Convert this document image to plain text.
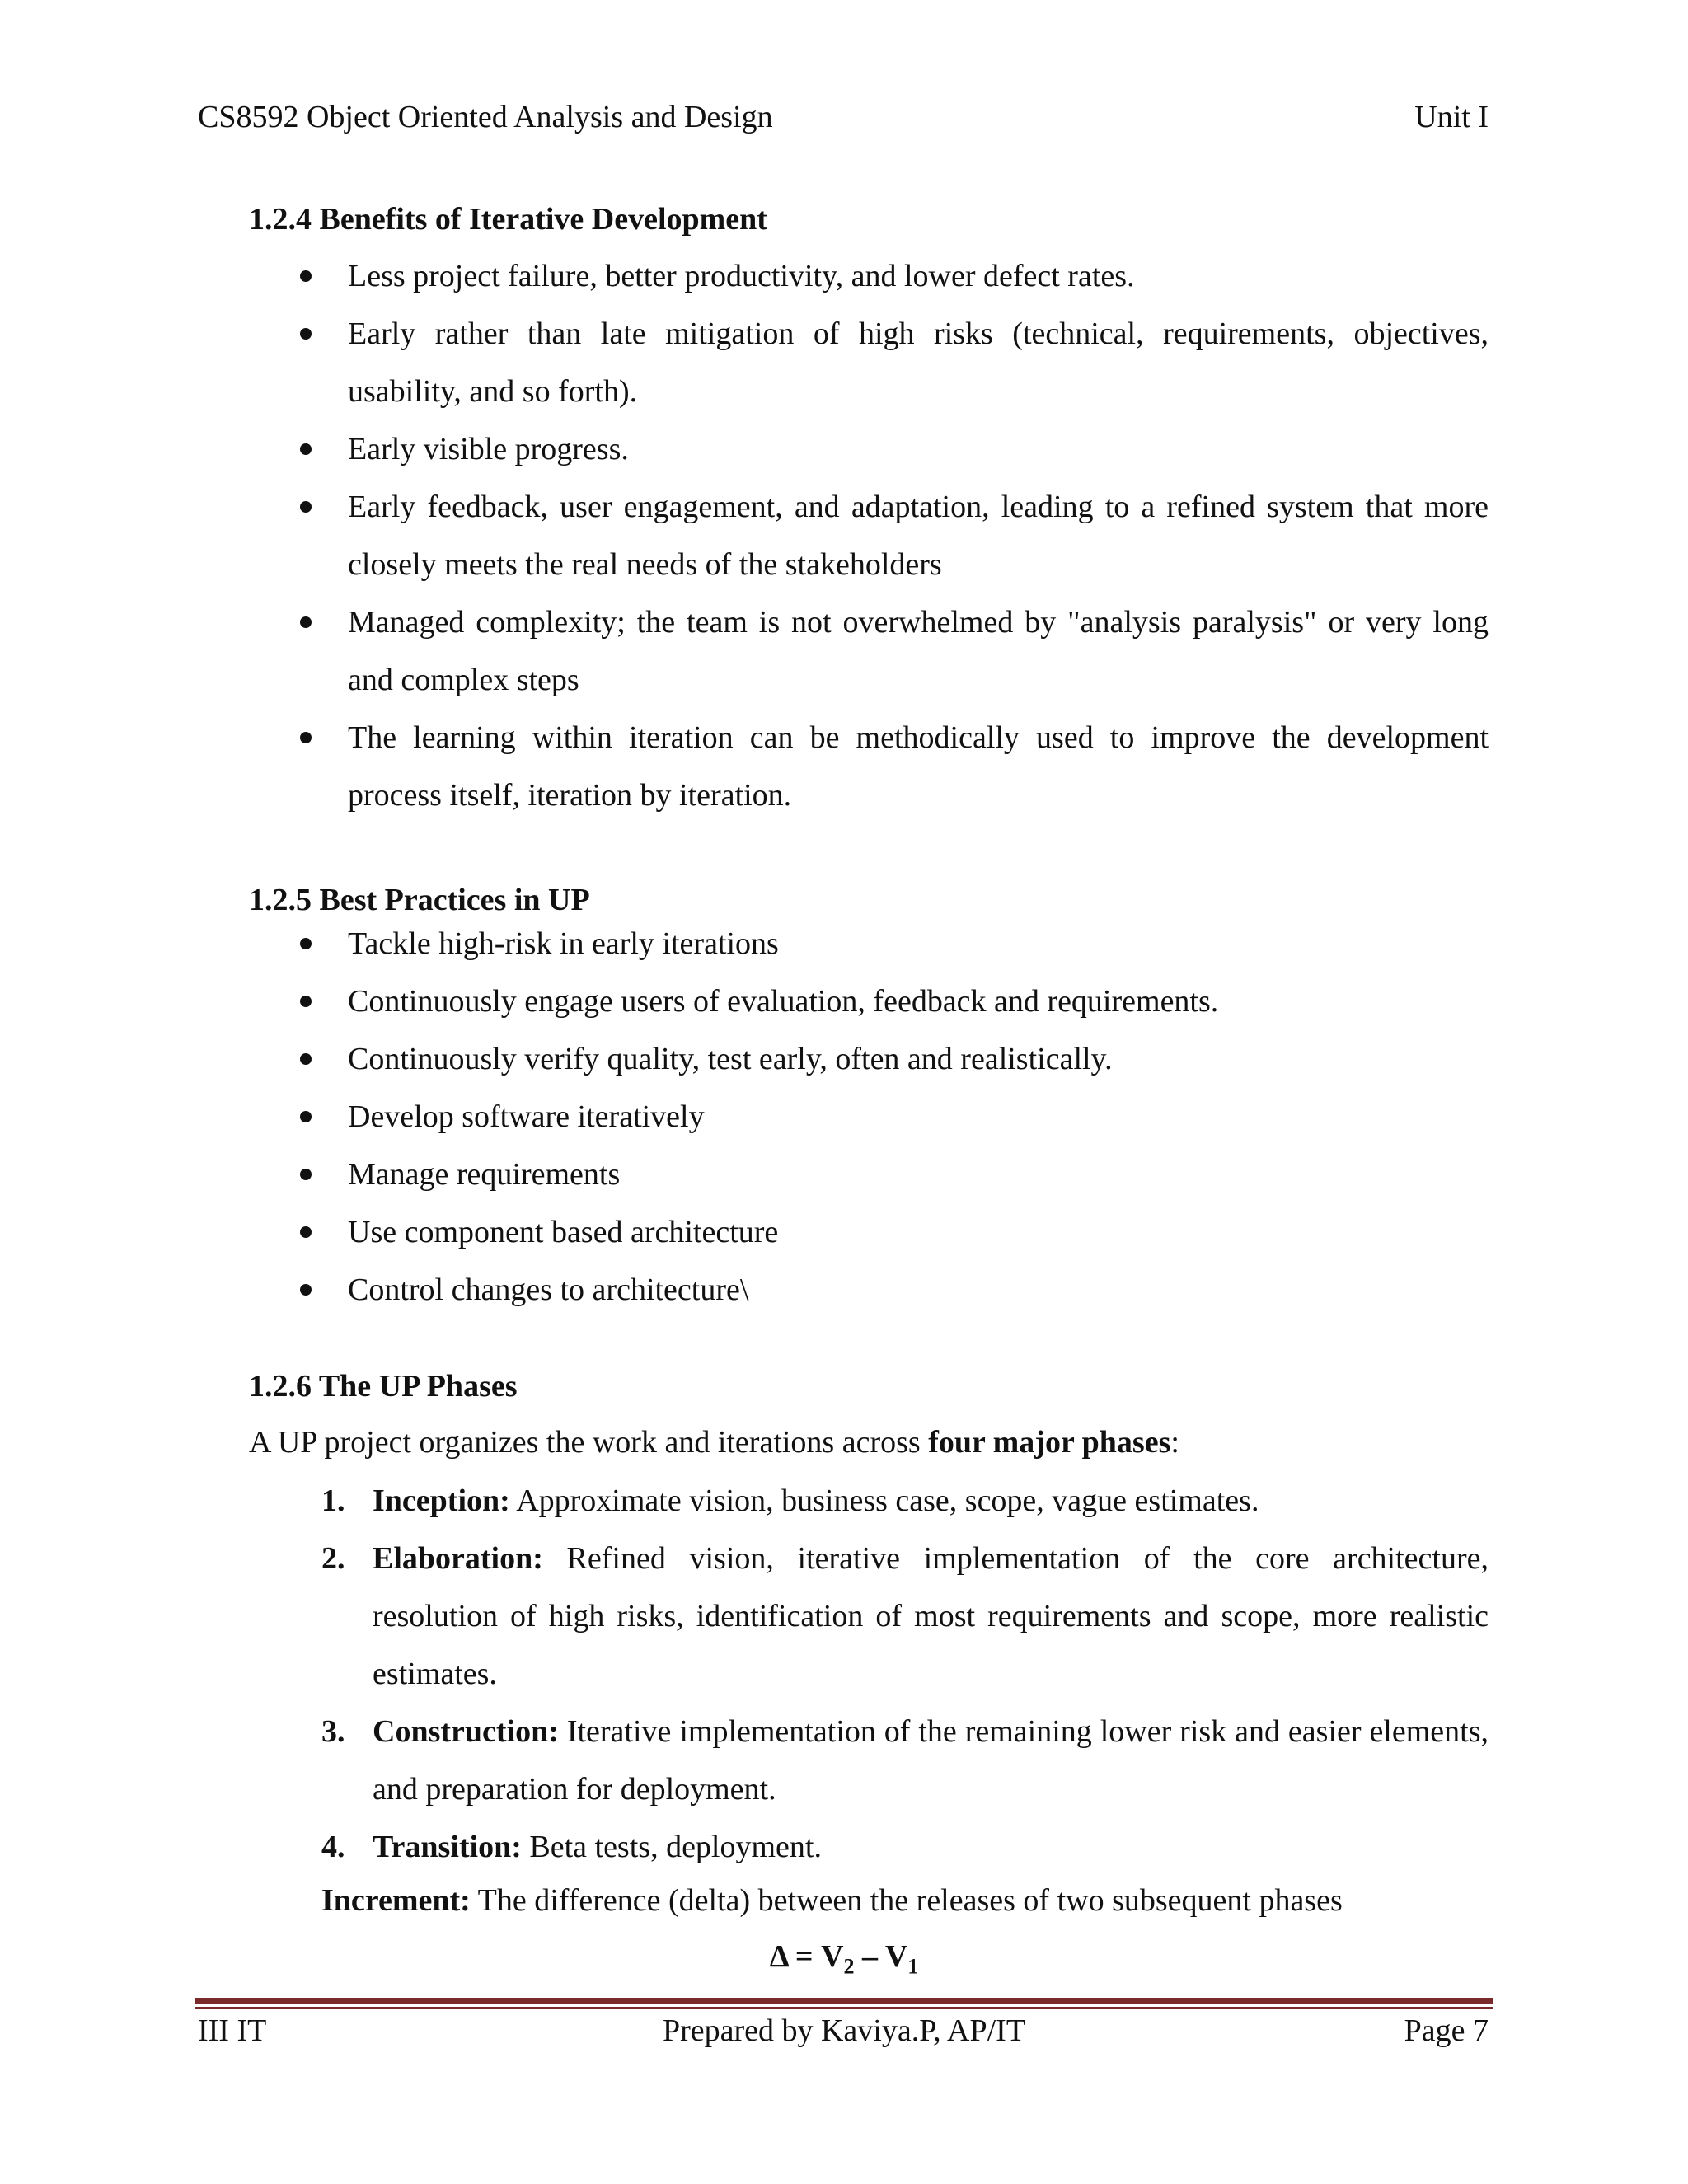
CS8592 Object Oriented Analysis and Design	Unit I
1.2.4 Benefits of Iterative Development
Less project failure, better productivity, and lower defect rates.
Early rather than late mitigation of high risks (technical, requirements, objectives, usability, and so forth).
Early visible progress.
Early feedback, user engagement, and adaptation, leading to a refined system that more closely meets the real needs of the stakeholders
Managed complexity; the team is not overwhelmed by "analysis paralysis" or very long and complex steps
The learning within iteration can be methodically used to improve the development process itself, iteration by iteration.
1.2.5 Best Practices in UP
Tackle high-risk in early iterations
Continuously engage users of evaluation, feedback and requirements.
Continuously verify quality, test early, often and realistically.
Develop software iteratively
Manage requirements
Use component based architecture
Control changes to architecture\
1.2.6 The UP Phases
A UP project organizes the work and iterations across four major phases:
1. Inception: Approximate vision, business case, scope, vague estimates.
2. Elaboration: Refined vision, iterative implementation of the core architecture, resolution of high risks, identification of most requirements and scope, more realistic estimates.
3. Construction: Iterative implementation of the remaining lower risk and easier elements, and preparation for deployment.
4. Transition: Beta tests, deployment.
Increment: The difference (delta) between the releases of two subsequent phases
$\Delta = V_2 - V_1$
III IT	Prepared by Kaviya.P, AP/IT	Page 7
